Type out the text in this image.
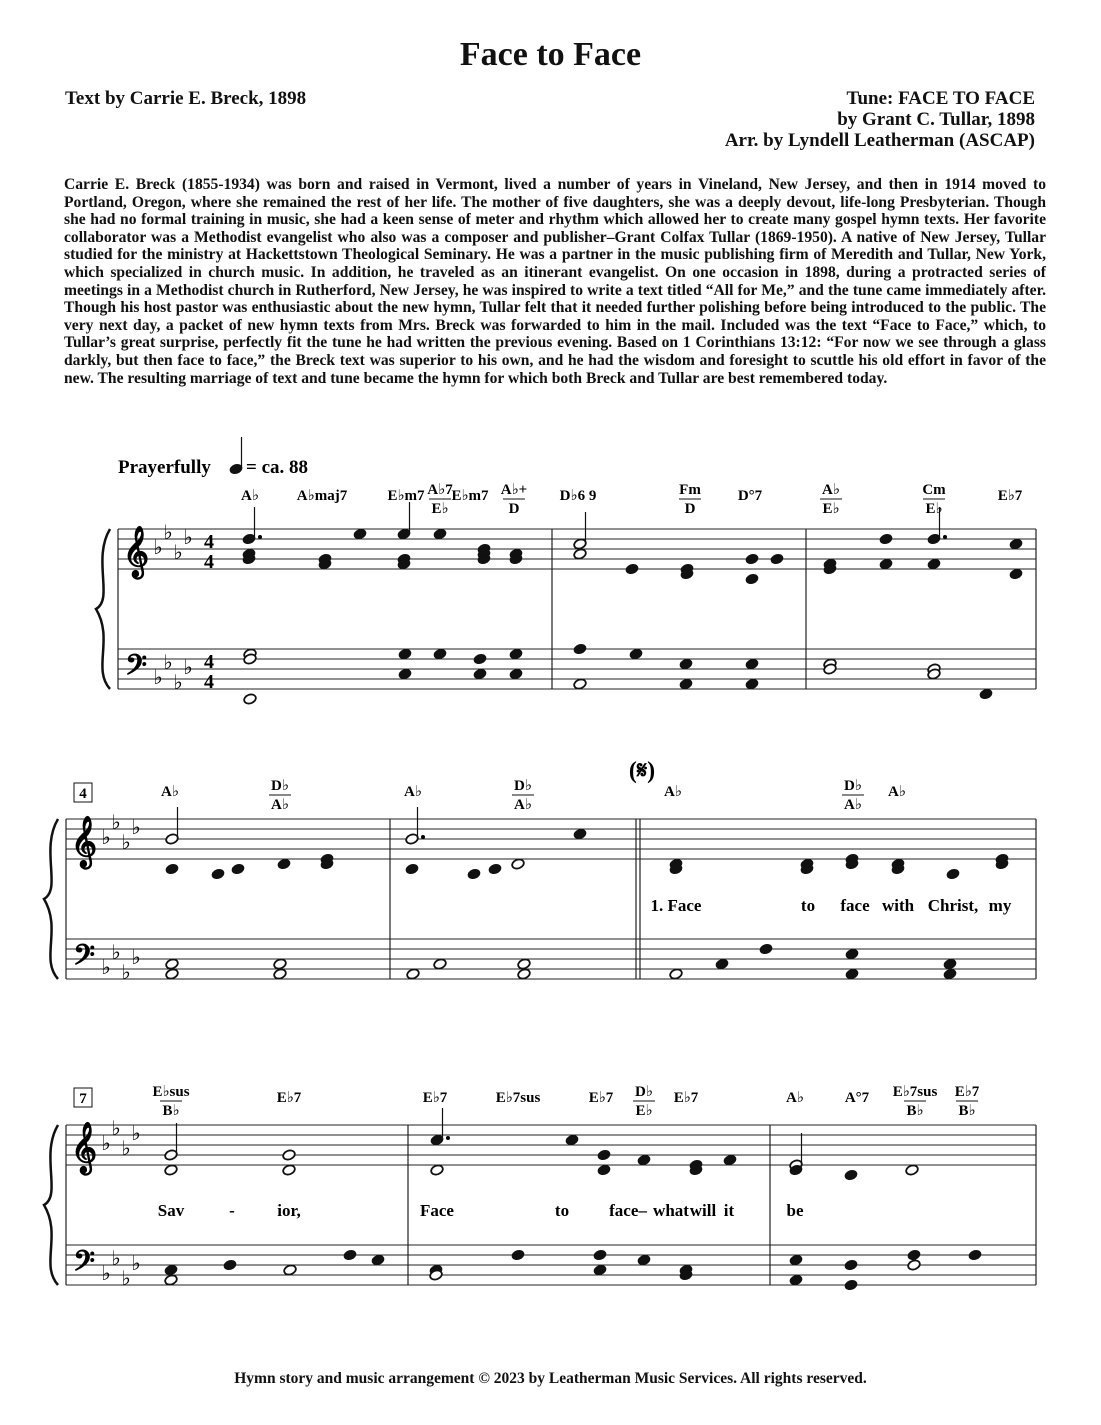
Face to Face
Text by Carrie E. Breck, 1898	Tune: FACE TO FACE
by Grant C. Tullar, 1898
Arr. by Lyndell Leatherman (ASCAP)

Carrie E. Breck (1855-1934) was born and raised in Vermont, lived a number of years in Vineland, New Jersey, and then in 1914 moved to Portland, Oregon, where she remained the rest of her life. The mother of five daughters, she was a deeply devout, life-long Presbyterian. Though she had no formal training in music, she had a keen sense of meter and rhythm which allowed her to create many gospel hymn texts. Her favorite collaborator was a Methodist evangelist who also was a composer and publisher–Grant Colfax Tullar (1869-1950). A native of New Jersey, Tullar studied for the ministry at Hackettstown Theological Seminary. He was a partner in the music publishing firm of Meredith and Tullar, New York, which specialized in church music. In addition, he traveled as an itinerant evangelist. On one occasion in 1898, during a protracted series of meetings in a Methodist church in Rutherford, New Jersey, he was inspired to write a text titled “All for Me,” and the tune came immediately after. Though his host pastor was enthusiastic about the new hymn, Tullar felt that it needed further polishing before being introduced to the public. The very next day, a packet of new hymn texts from Mrs. Breck was forwarded to him in the mail. Included was the text “Face to Face,” which, to Tullar’s great surprise, perfectly fit the tune he had written the previous evening. Based on 1 Corinthians 13:12: “For now we see through a glass darkly, but then face to face,” the Breck text was superior to his own, and he had the wisdom and foresight to scuttle his old effort in favor of the new. The resulting marriage of text and tune became the hymn for which both Breck and Tullar are best remembered today.

𝄞
𝄢
♭
♭
♭
♭
♭
♭
♭
♭
4
4
4
4
𝄞
𝄢
♭
♭
♭
♭
♭
♭
♭
♭
𝄞
𝄢
♭
♭
♭
♭
♭
♭
♭
♭
Prayerfully = ca. 88
A♭	A♭maj7	E♭m7 A♭7
E♭
E♭m7 A♭+
D
D♭6 9	Fm
D
D°7	A♭
E♭
Cm
E♭
E♭7
A♭	D♭
A♭
A♭	D♭
A♭
A♭	D♭
A♭
A♭
E♭sus
B♭
E♭7	E♭7	E♭7sus	E♭7 D♭
E♭
E♭7	A♭	A°7 E♭7sus
B♭
E♭7
B♭
4
7
(𝄋)
1. Face	to face with Christ, my
Sav	- ior,	Face	to face– what will it	be
Hymn story and music arrangement © 2023 by Leatherman Music Services. All rights reserved.
